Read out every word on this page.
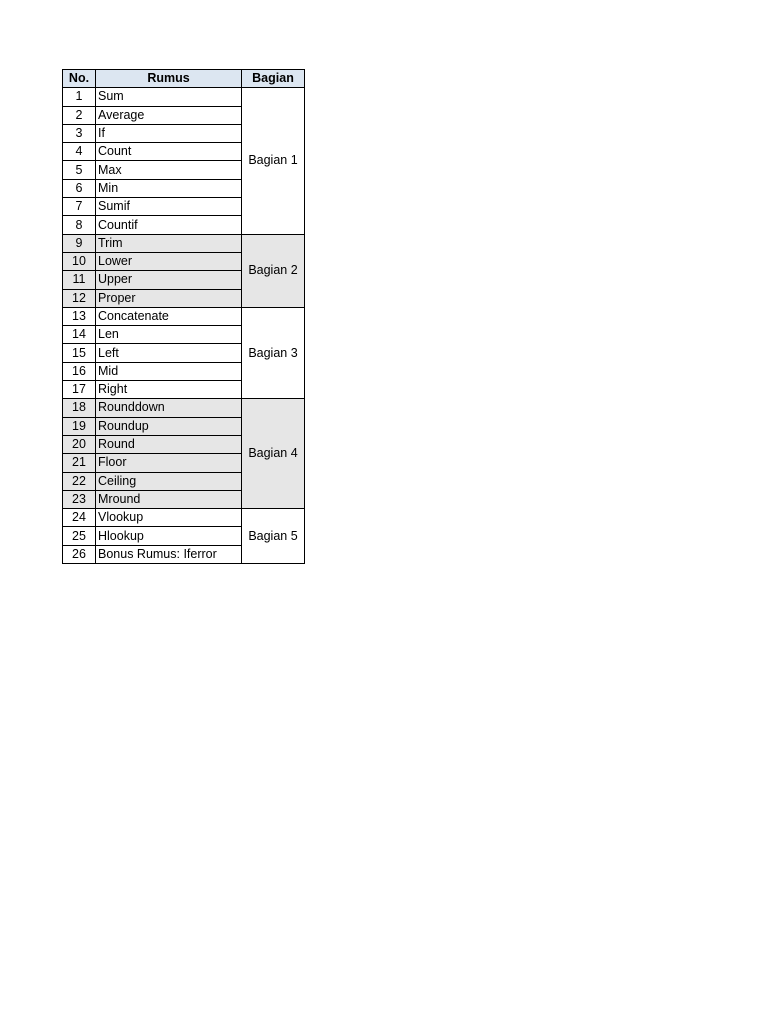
No.	Rumus	Bagian
1	Sum	Bagian 1
2	Average	
3	If	
4	Count	
5	Max	
6	Min	
7	Sumif	
8	Countif	
9	Trim	Bagian 2
10	Lower	
11	Upper	
12	Proper	
13	Concatenate	Bagian 3
14	Len	
15	Left	
16	Mid	
17	Right	
18	Rounddown	Bagian 4
19	Roundup	
20	Round	
21	Floor	
22	Ceiling	
23	Mround	
24	Vlookup	Bagian 5
25	Hlookup	
26	Bonus Rumus: Iferror	
